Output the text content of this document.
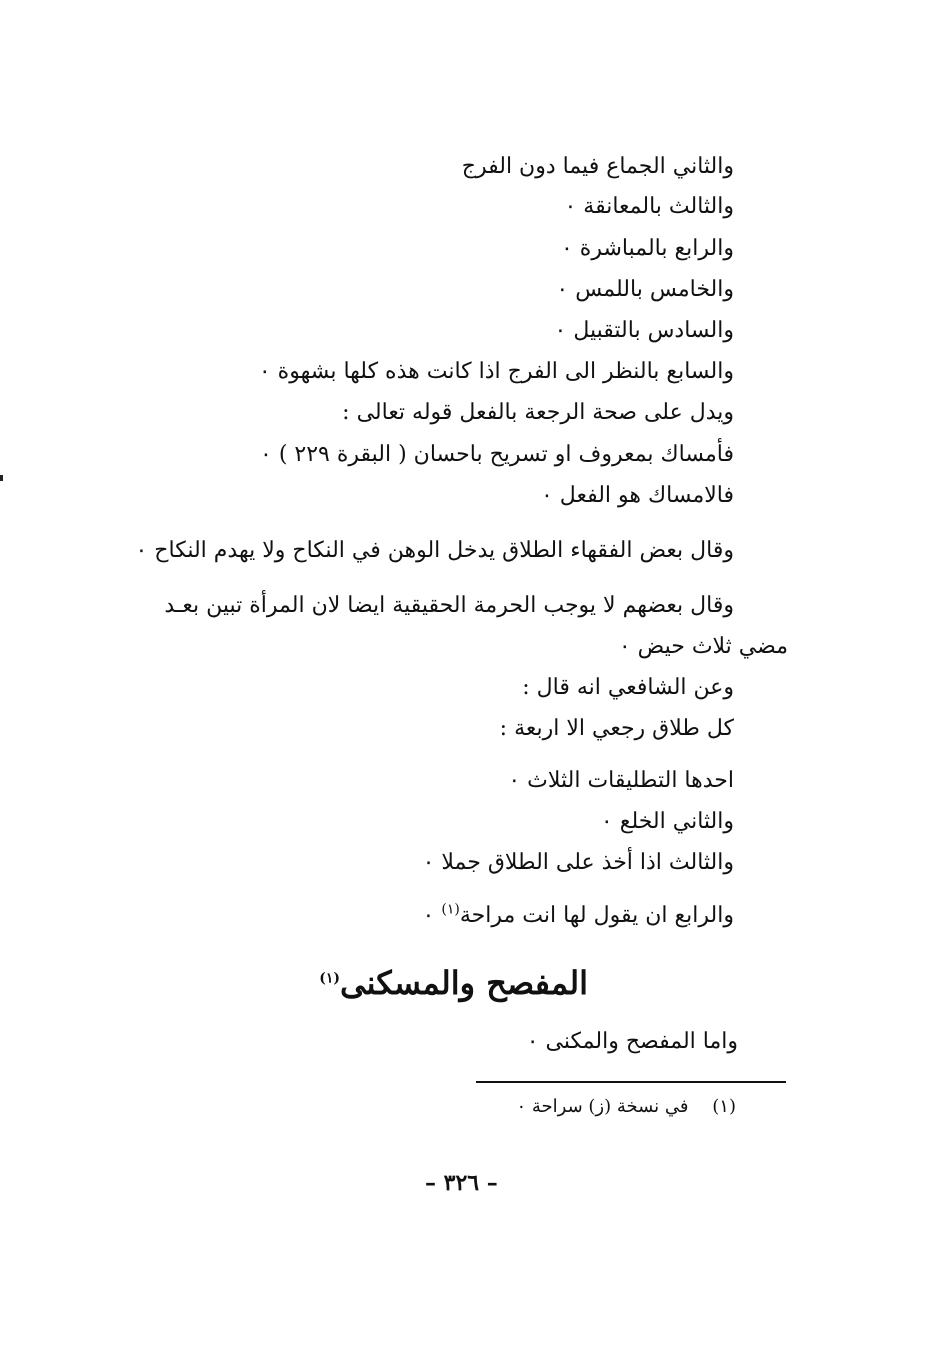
والثاني الجماع فيما دون الفرج
والثالث بالمعانقة ٠
والرابع بالمباشرة ٠
والخامس باللمس ٠
والسادس بالتقبيل ٠
والسابع بالنظر الى الفرج اذا كانت هذه كلها بشهوة ٠
ويدل على صحة الرجعة بالفعل قوله تعالى :
فأمساك بمعروف او تسريح باحسان ( البقرة ٢٢٩ ) ٠
فالامساك هو الفعل ٠
وقال بعض الفقهاء الطلاق يدخل الوهن في النكاح ولا يهدم النكاح ٠
وقال بعضهم لا يوجب الحرمة الحقيقية ايضا لان المرأة تبين بعـد
مضي ثلاث حيض ٠
وعن الشافعي انه قال :
كل طلاق رجعي الا اربعة :
احدها التطليقات الثلاث ٠
والثاني الخلع ٠
والثالث اذا أخذ على الطلاق جملا ٠
والرابع ان يقول لها انت مراحة$^{(١)}$ ٠
المفصح والمسكنى$^{(١)}$
واما المفصح والمكنى ٠
(١) في نسخة (ز) سراحة ٠
– ٣٢٦ –
